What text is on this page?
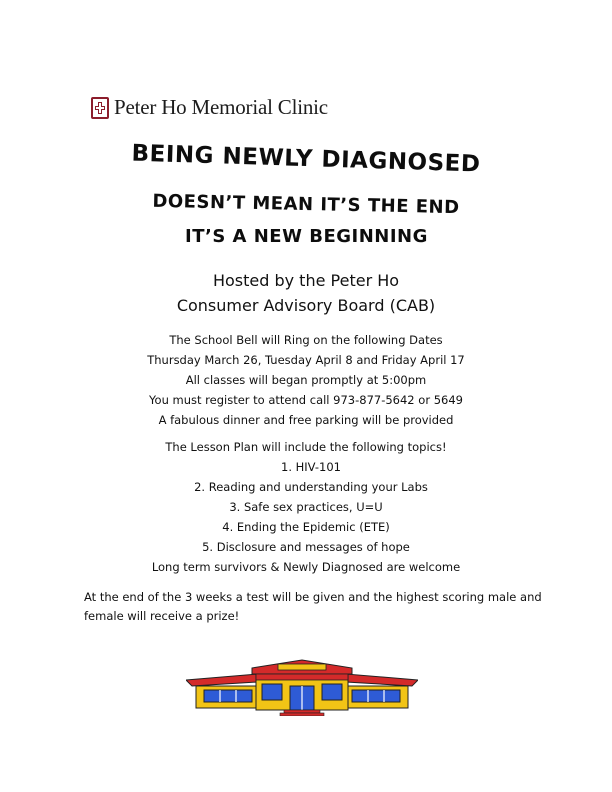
Peter Ho Memorial Clinic
BEING NEWLY DIAGNOSED
DOESN’T MEAN IT’S THE END
IT’S A NEW BEGINNING
Hosted by the Peter Ho
Consumer Advisory Board (CAB)
The School Bell will Ring on the following Dates
Thursday March 26, Tuesday April 8 and Friday April 17
All classes will began promptly at 5:00pm
You must register to attend call 973-877-5642 or 5649
A fabulous dinner and free parking will be provided
The Lesson Plan will include the following topics!
1. HIV-101
2. Reading and understanding your Labs
3. Safe sex practices, U=U
4. Ending the Epidemic (ETE)
5. Disclosure and messages of hope
Long term survivors & Newly Diagnosed are welcome
At the end of the 3 weeks a test will be given and the highest scoring male and female will receive a prize!
